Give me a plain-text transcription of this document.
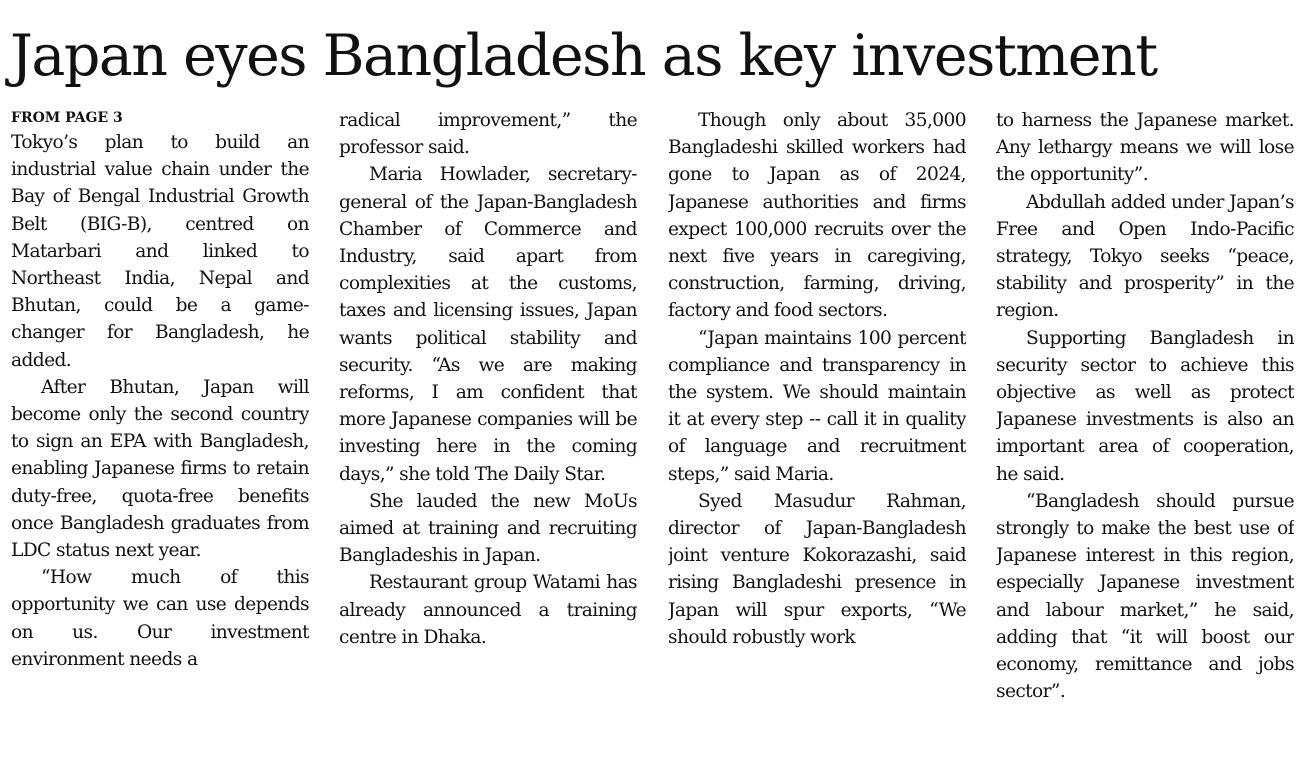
Japan eyes Bangladesh as key investment
FROM PAGE 3

Tokyo’s plan to build an industrial value chain under the Bay of Bengal Industrial Growth Belt (BIG-B), centred on Matarbari and linked to Northeast India, Nepal and Bhutan, could be a game-changer for Bangladesh, he added.

After Bhutan, Japan will become only the second country to sign an EPA with Bangladesh, enabling Japanese firms to retain duty-free, quota-free benefits once Bangladesh graduates from LDC status next year.

“How much of this opportunity we can use depends on us. Our investment environment needs a

radical improvement,” the professor said.

Maria Howlader, secretary-general of the Japan-Bangladesh Chamber of Commerce and Industry, said apart from complexities at the customs, taxes and licensing issues, Japan wants political stability and security. “As we are making reforms, I am confident that more Japanese companies will be investing here in the coming days,” she told The Daily Star.

She lauded the new MoUs aimed at training and recruiting Bangladeshis in Japan.

Restaurant group Watami has already announced a training centre in Dhaka.

Though only about 35,000 Bangladeshi skilled workers had gone to Japan as of 2024, Japanese authorities and firms expect 100,000 recruits over the next five years in caregiving, construction, farming, driving, factory and food sectors.

“Japan maintains 100 percent compliance and transparency in the system. We should maintain it at every step -- call it in quality of language and recruitment steps,” said Maria.

Syed Masudur Rahman, director of Japan-Bangladesh joint venture Kokorazashi, said rising Bangladeshi presence in Japan will spur exports, “We should robustly work

to harness the Japanese market. Any lethargy means we will lose the opportunity”.

Abdullah added under Japan’s Free and Open Indo-Pacific strategy, Tokyo seeks “peace, stability and prosperity” in the region.

Supporting Bangladesh in security sector to achieve this objective as well as protect Japanese investments is also an important area of cooperation, he said.

“Bangladesh should pursue strongly to make the best use of Japanese interest in this region, especially Japanese investment and labour market,” he said, adding that “it will boost our economy, remittance and jobs sector”.
